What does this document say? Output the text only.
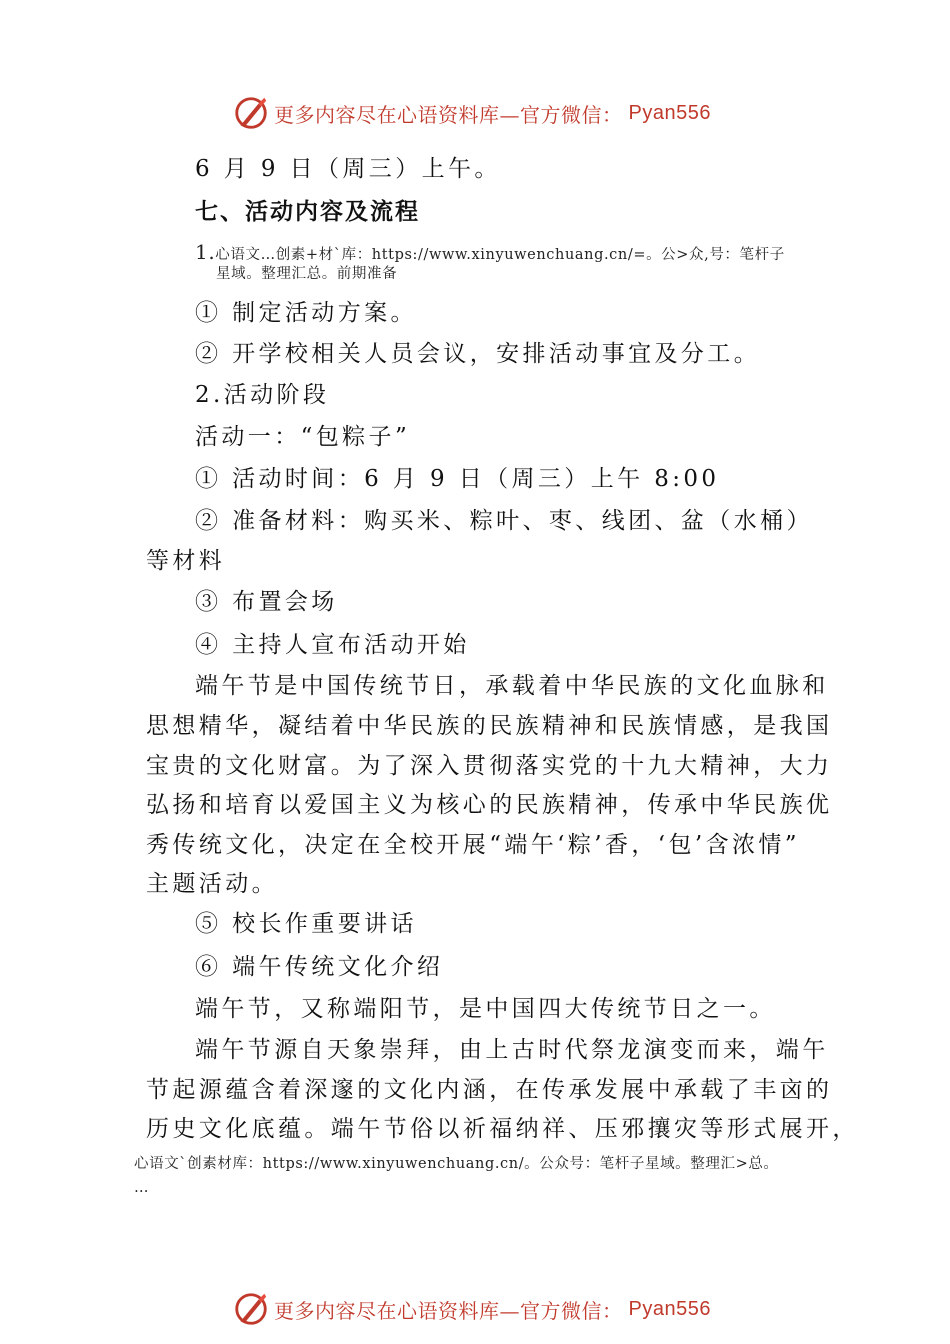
更多内容尽在心语资料库—官方微信： Pyan556
6 月 9 日（周三）上午。
七、活动内容及流程
1.心语文…创素+材`库：https://www.xinyuwenchuang.cn/=。公>众,号：笔杆子
星域。整理汇总。前期准备
① 制定活动方案。
② 开学校相关人员会议，安排活动事宜及分工。
2.活动阶段
活动一：“包粽子”
① 活动时间：6 月 9 日（周三）上午 8:00
② 准备材料：购买米、粽叶、枣、线团、盆（水桶）
等材料
③ 布置会场
④ 主持人宣布活动开始
端午节是中国传统节日，承载着中华民族的文化血脉和
思想精华，凝结着中华民族的民族精神和民族情感，是我国
宝贵的文化财富。为了深入贯彻落实党的十九大精神，大力
弘扬和培育以爱国主义为核心的民族精神，传承中华民族优
秀传统文化，决定在全校开展“端午‘粽’香，‘包’含浓情”
主题活动。
⑤ 校长作重要讲话
⑥ 端午传统文化介绍
端午节，又称端阳节，是中国四大传统节日之一。
端午节源自天象崇拜，由上古时代祭龙演变而来，端午
节起源蕴含着深邃的文化内涵，在传承发展中承载了丰㐫的
历史文化底蕴。端午节俗以祈福纳祥、压邪攘灾等形式展开，
心语文`创素材库：https://www.xinyuwenchuang.cn/。公众号：笔杆子星域。整理汇>总。
…
更多内容尽在心语资料库—官方微信： Pyan556
